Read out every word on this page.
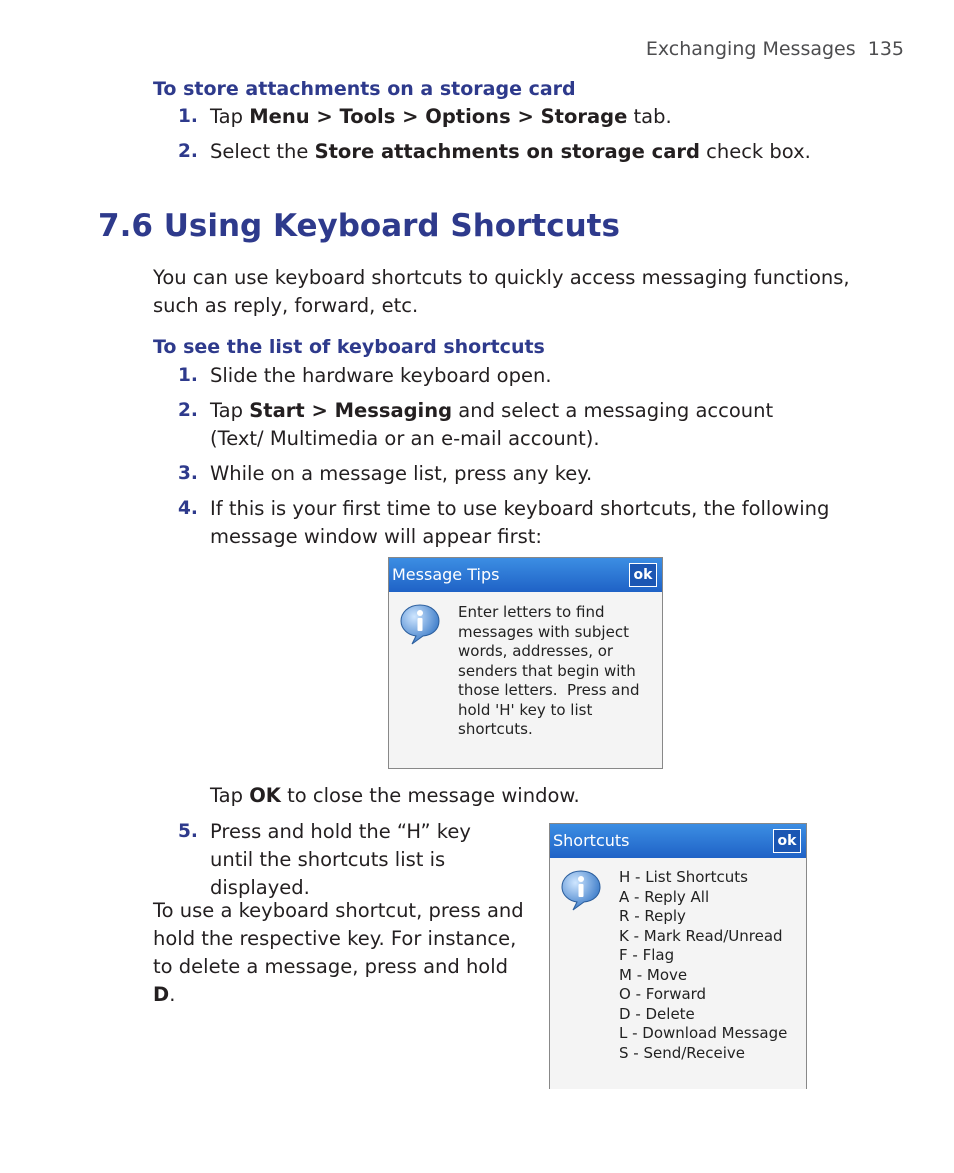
Exchanging Messages 135
To store attachments on a storage card
1. Tap Menu > Tools > Options > Storage tab.
2. Select the Store attachments on storage card check box.
7.6 Using Keyboard Shortcuts
You can use keyboard shortcuts to quickly access messaging functions, such as reply, forward, etc.
To see the list of keyboard shortcuts
1. Slide the hardware keyboard open.
2. Tap Start > Messaging and select a messaging account (Text/ Multimedia or an e-mail account).
3. While on a message list, press any key.
4. If this is your first time to use keyboard shortcuts, the following message window will appear first:
Message Tips	ok
Enter letters to find
messages with subject
words, addresses, or
senders that begin with
those letters.  Press and
hold 'H' key to list
shortcuts.
Tap OK to close the message window.
5. Press and hold the “H” key until the shortcuts list is displayed.
To use a keyboard shortcut, press and hold the respective key. For instance, to delete a message, press and hold D.
Shortcuts	ok
H - List Shortcuts
A - Reply All
R - Reply
K - Mark Read/Unread
F - Flag
M - Move
O - Forward
D - Delete
L - Download Message
S - Send/Receive
